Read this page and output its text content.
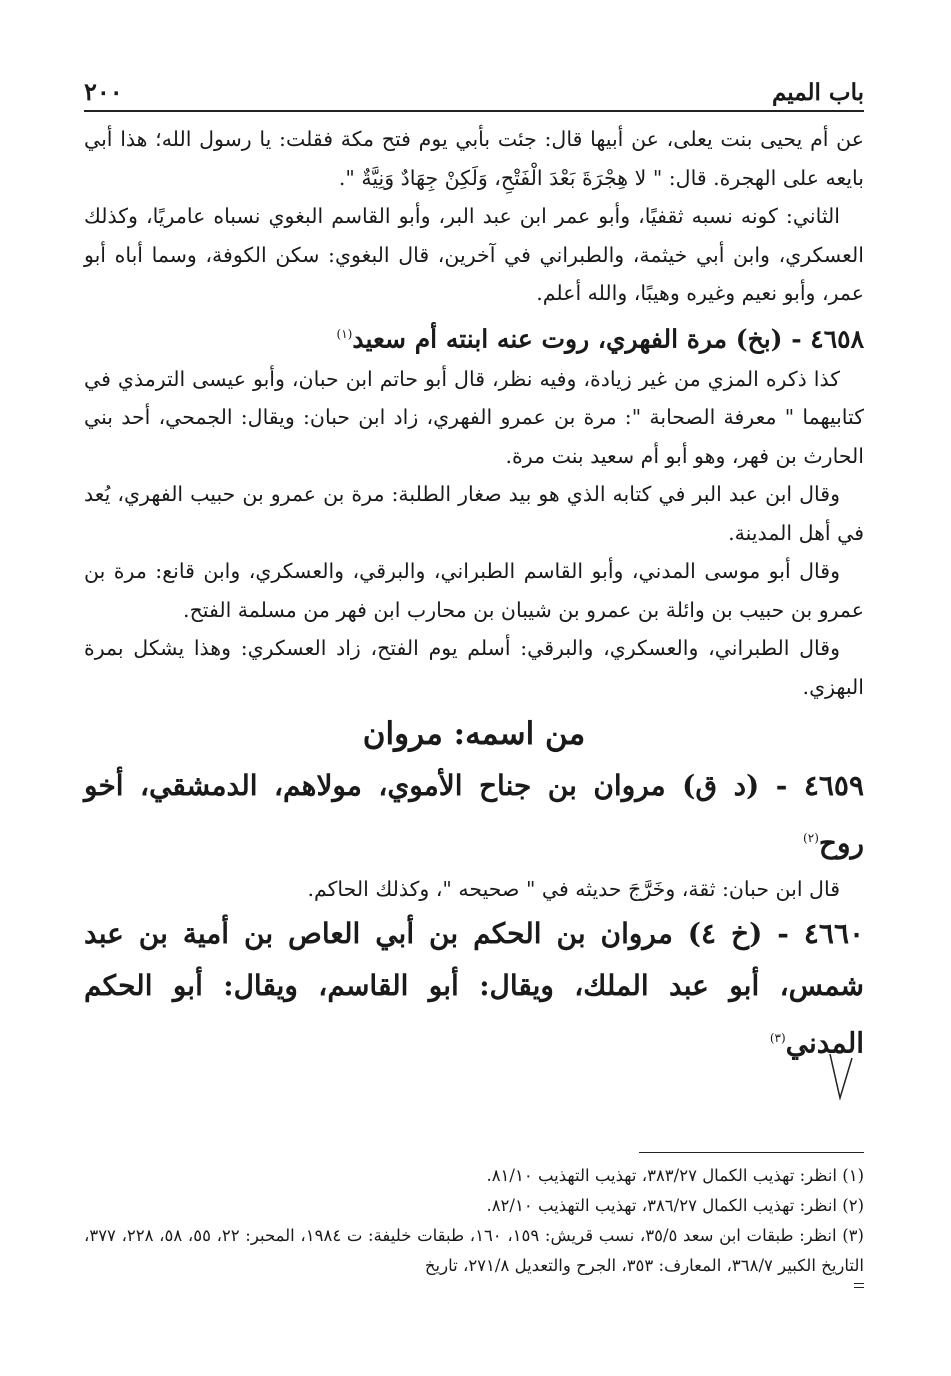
باب الميم
٢٠٠

عن أم يحيى بنت يعلى، عن أبيها قال: جئت بأبي يوم فتح مكة فقلت: يا رسول الله؛ هذا أبي بايعه على الهجرة. قال: " لا هِجْرَةَ بَعْدَ الْفَتْحِ، وَلَكِنْ جِهَادٌ وَنِيَّةٌ ".

الثاني: كونه نسبه ثقفيًا، وأبو عمر ابن عبد البر، وأبو القاسم البغوي نسباه عامريًا، وكذلك العسكري، وابن أبي خيثمة، والطبراني في آخرين، قال البغوي: سكن الكوفة، وسما أباه أبو عمر، وأبو نعيم وغيره وهيبًا، والله أعلم.

٤٦٥٨ - (بخ) مرة الفهري، روت عنه ابنته أم سعيد$^{(١)}$

كذا ذكره المزي من غير زيادة، وفيه نظر، قال أبو حاتم ابن حبان، وأبو عيسى الترمذي في كتابيهما " معرفة الصحابة ": مرة بن عمرو الفهري، زاد ابن حبان: ويقال: الجمحي، أحد بني الحارث بن فهر، وهو أبو أم سعيد بنت مرة.

وقال ابن عبد البر في كتابه الذي هو بيد صغار الطلبة: مرة بن عمرو بن حبيب الفهري، يُعد في أهل المدينة.

وقال أبو موسى المدني، وأبو القاسم الطبراني، والبرقي، والعسكري، وابن قانع: مرة بن عمرو بن حبيب بن وائلة بن عمرو بن شيبان بن محارب ابن فهر من مسلمة الفتح.

وقال الطبراني، والعسكري، والبرقي: أسلم يوم الفتح، زاد العسكري: وهذا يشكل بمرة البهزي.

من اسمه: مروان

٤٦٥٩ - (د ق) مروان بن جناح الأموي، مولاهم، الدمشقي، أخو روح$^{(٢)}$

قال ابن حبان: ثقة، وخَرَّجَ حديثه في " صحيحه "، وكذلك الحاكم.

٤٦٦٠ - (خ ٤) مروان بن الحكم بن أبي العاص بن أمية بن عبد شمس، أبو عبد الملك، ويقال: أبو القاسم، ويقال: أبو الحكم المدني$^{(٣)}$

(١) انظر: تهذيب الكمال ٣٨٣/٢٧، تهذيب التهذيب ٨١/١٠.

(٢) انظر: تهذيب الكمال ٣٨٦/٢٧، تهذيب التهذيب ٨٢/١٠.

(٣) انظر: طبقات ابن سعد ٣٥/٥، نسب قريش: ١٥٩، ١٦٠، طبقات خليفة: ت ١٩٨٤، المحبر: ٢٢، ٥٥، ٥٨، ٢٢٨، ٣٧٧، التاريخ الكبير ٣٦٨/٧، المعارف: ٣٥٣، الجرح والتعديل ٢٧١/٨، تاريخ
